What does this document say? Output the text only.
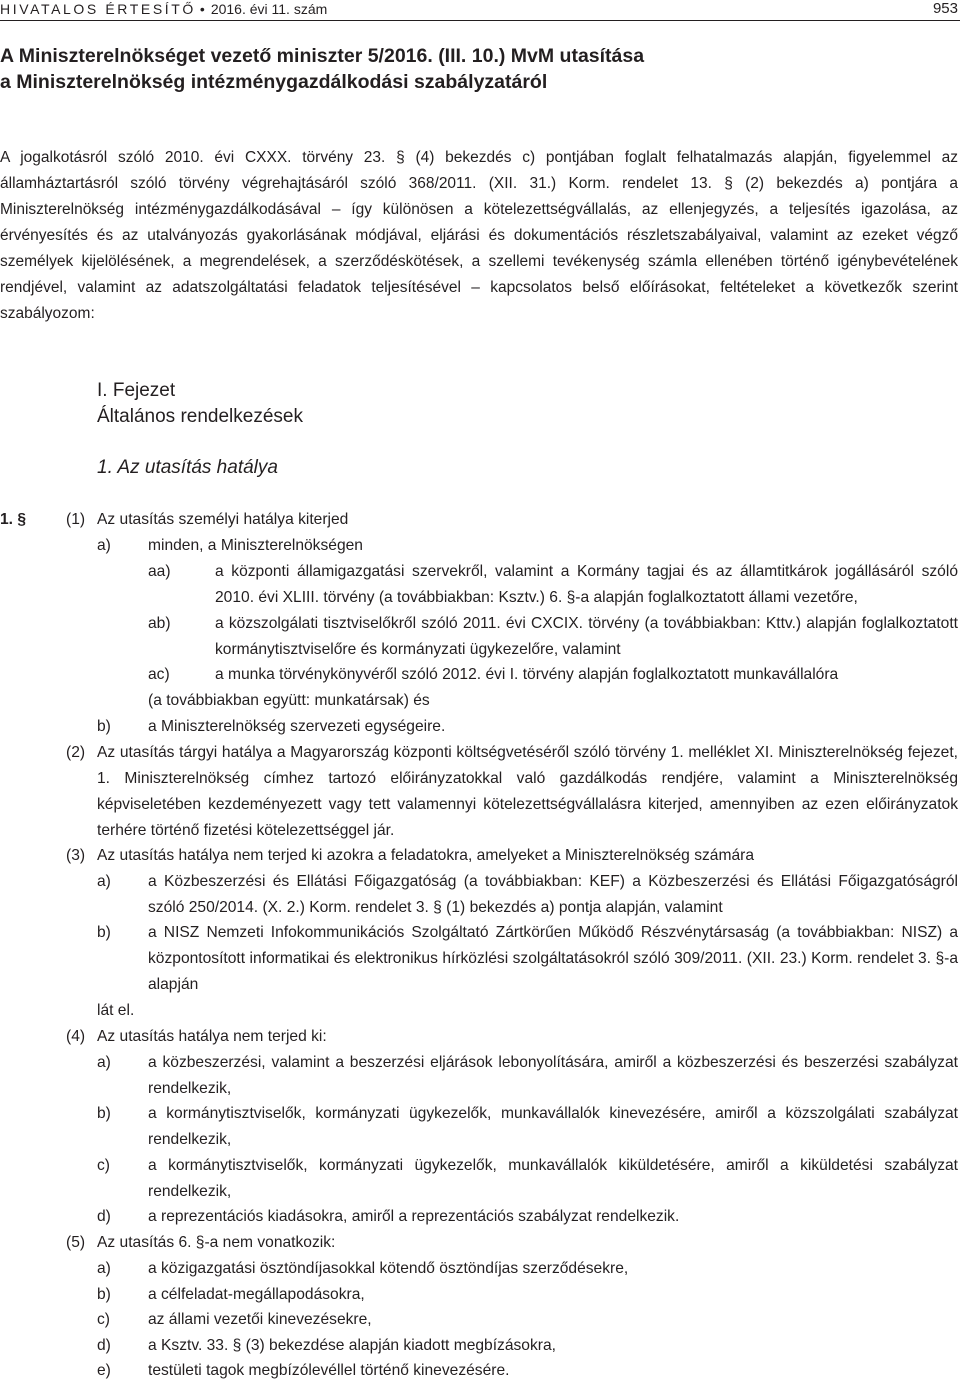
HIVATALOS ÉRTESÍTŐ • 2016. évi 11. szám	953
A Miniszterelnökséget vezető miniszter 5/2016. (III. 10.) MvM utasítása
a Miniszterelnökség intézménygazdálkodási szabályzatáról
A jogalkotásról szóló 2010. évi CXXX. törvény 23. § (4) bekezdés c) pontjában foglalt felhatalmazás alapján, figyelemmel az államháztartásról szóló törvény végrehajtásáról szóló 368/2011. (XII. 31.) Korm. rendelet 13. § (2) bekezdés a) pontjára a Miniszterelnökség intézménygazdálkodásával – így különösen a kötelezettségvállalás, az ellenjegyzés, a teljesítés igazolása, az érvényesítés és az utalványozás gyakorlásának módjával, eljárási és dokumentációs részletszabályaival, valamint az ezeket végző személyek kijelölésének, a megrendelések, a szerződéskötések, a szellemi tevékenység számla ellenében történő igénybevételének rendjével, valamint az adatszolgáltatási feladatok teljesítésével – kapcsolatos belső előírásokat, feltételeket a következők szerint szabályozom:
I. Fejezet
Általános rendelkezések
1. Az utasítás hatálya
1. §	(1) Az utasítás személyi hatálya kiterjed
a) minden, a Miniszterelnökségen
aa)	a központi államigazgatási szervekről, valamint a Kormány tagjai és az államtitkárok jogállásáról szóló 2010. évi XLIII. törvény (a továbbiakban: Ksztv.) 6. §-a alapján foglalkoztatott állami vezetőre,
ab)	a közszolgálati tisztviselőkről szóló 2011. évi CXCIX. törvény (a továbbiakban: Kttv.) alapján foglalkoztatott kormánytisztviselőre és kormányzati ügykezelőre, valamint
ac)	a munka törvénykönyvéről szóló 2012. évi I. törvény alapján foglalkoztatott munkavállalóra
(a továbbiakban együtt: munkatársak) és
b) a Miniszterelnökség szervezeti egységeire.
(2) Az utasítás tárgyi hatálya a Magyarország központi költségvetéséről szóló törvény 1. melléklet XI. Miniszterelnökség fejezet, 1. Miniszterelnökség címhez tartozó előirányzatokkal való gazdálkodás rendjére, valamint a Miniszterelnökség képviseletében kezdeményezett vagy tett valamennyi kötelezettségvállalásra kiterjed, amennyiben az ezen előirányzatok terhére történő fizetési kötelezettséggel jár.
(3) Az utasítás hatálya nem terjed ki azokra a feladatokra, amelyeket a Miniszterelnökség számára
a) a Közbeszerzési és Ellátási Főigazgatóság (a továbbiakban: KEF) a Közbeszerzési és Ellátási Főigazgatóságról szóló 250/2014. (X. 2.) Korm. rendelet 3. § (1) bekezdés a) pontja alapján, valamint
b) a NISZ Nemzeti Infokommunikációs Szolgáltató Zártkörűen Működő Részvénytársaság (a továbbiakban: NISZ) a központosított informatikai és elektronikus hírközlési szolgáltatásokról szóló 309/2011. (XII. 23.) Korm. rendelet 3. §-a alapján
lát el.
(4) Az utasítás hatálya nem terjed ki:
a) a közbeszerzési, valamint a beszerzési eljárások lebonyolítására, amiről a közbeszerzési és beszerzési szabályzat rendelkezik,
b) a kormánytisztviselők, kormányzati ügykezelők, munkavállalók kinevezésére, amiről a közszolgálati szabályzat rendelkezik,
c) a kormánytisztviselők, kormányzati ügykezelők, munkavállalók kiküldetésére, amiről a kiküldetési szabályzat rendelkezik,
d) a reprezentációs kiadásokra, amiről a reprezentációs szabályzat rendelkezik.
(5) Az utasítás 6. §-a nem vonatkozik:
a) a közigazgatási ösztöndíjasokkal kötendő ösztöndíjas szerződésekre,
b) a célfeladat-megállapodásokra,
c) az állami vezetői kinevezésekre,
d) a Ksztv. 33. § (3) bekezdése alapján kiadott megbízásokra,
e) testületi tagok megbízólevéllel történő kinevezésére.
